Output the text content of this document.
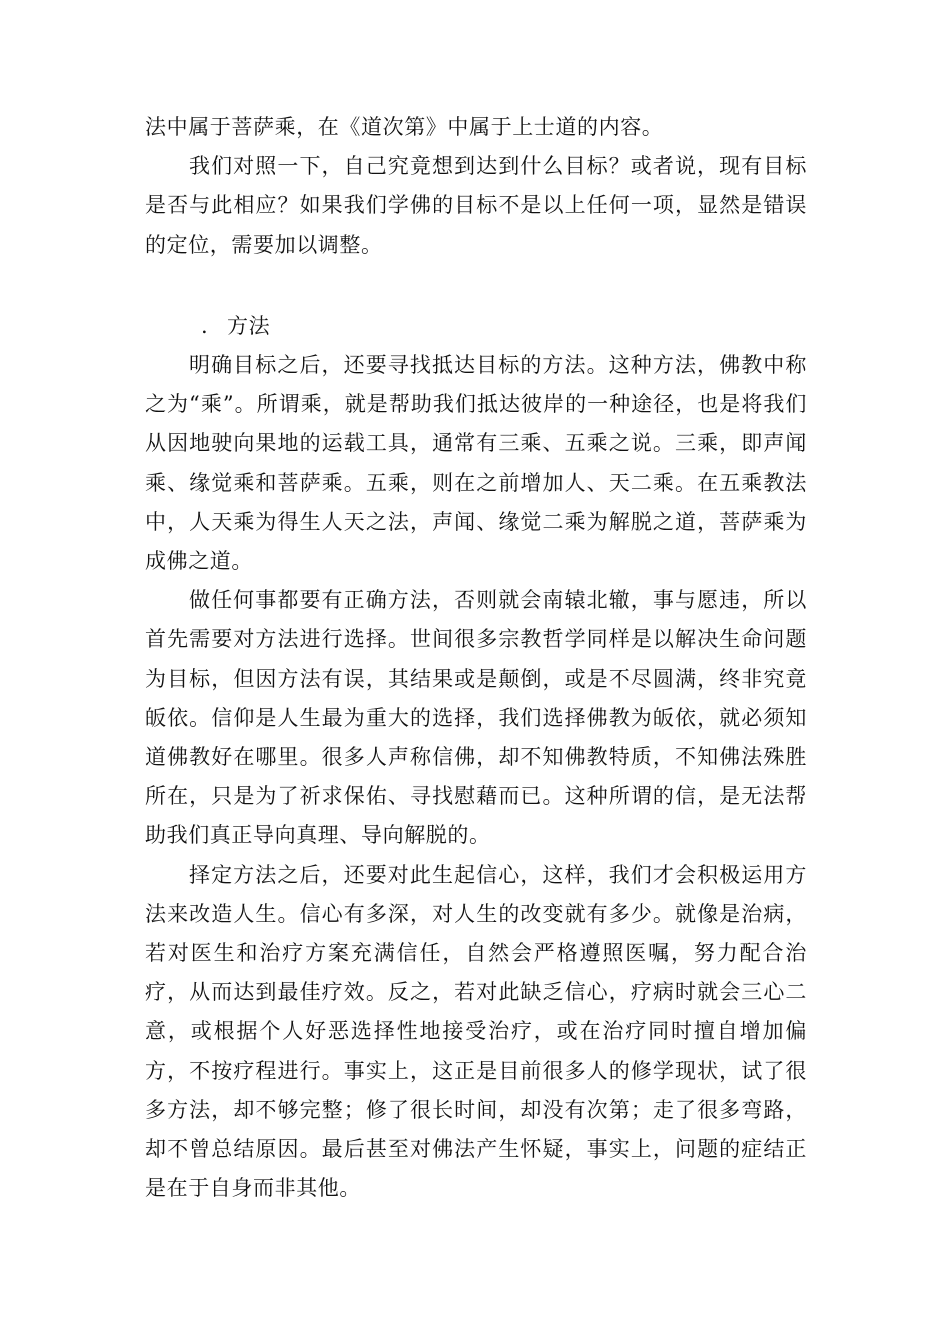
法中属于菩萨乘，在《道次第》中属于上士道的内容。

我们对照一下，自己究竟想到达到什么目标？或者说，现有目标是否与此相应？如果我们学佛的目标不是以上任何一项，显然是错误的定位，需要加以调整。

. 方法

明确目标之后，还要寻找抵达目标的方法。这种方法，佛教中称之为“乘”。所谓乘，就是帮助我们抵达彼岸的一种途径，也是将我们从因地驶向果地的运载工具，通常有三乘、五乘之说。三乘，即声闻乘、缘觉乘和菩萨乘。五乘，则在之前增加人、天二乘。在五乘教法中，人天乘为得生人天之法，声闻、缘觉二乘为解脱之道，菩萨乘为成佛之道。

做任何事都要有正确方法，否则就会南辕北辙，事与愿违，所以首先需要对方法进行选择。世间很多宗教哲学同样是以解决生命问题为目标，但因方法有误，其结果或是颠倒，或是不尽圆满，终非究竟皈依。信仰是人生最为重大的选择，我们选择佛教为皈依，就必须知道佛教好在哪里。很多人声称信佛，却不知佛教特质，不知佛法殊胜所在，只是为了祈求保佑、寻找慰藉而已。这种所谓的信，是无法帮助我们真正导向真理、导向解脱的。

择定方法之后，还要对此生起信心，这样，我们才会积极运用方法来改造人生。信心有多深，对人生的改变就有多少。就像是治病，若对医生和治疗方案充满信任，自然会严格遵照医嘱，努力配合治疗，从而达到最佳疗效。反之，若对此缺乏信心，疗病时就会三心二意，或根据个人好恶选择性地接受治疗，或在治疗同时擅自增加偏方，不按疗程进行。事实上，这正是目前很多人的修学现状，试了很多方法，却不够完整；修了很长时间，却没有次第；走了很多弯路，却不曾总结原因。最后甚至对佛法产生怀疑，事实上，问题的症结正是在于自身而非其他。
